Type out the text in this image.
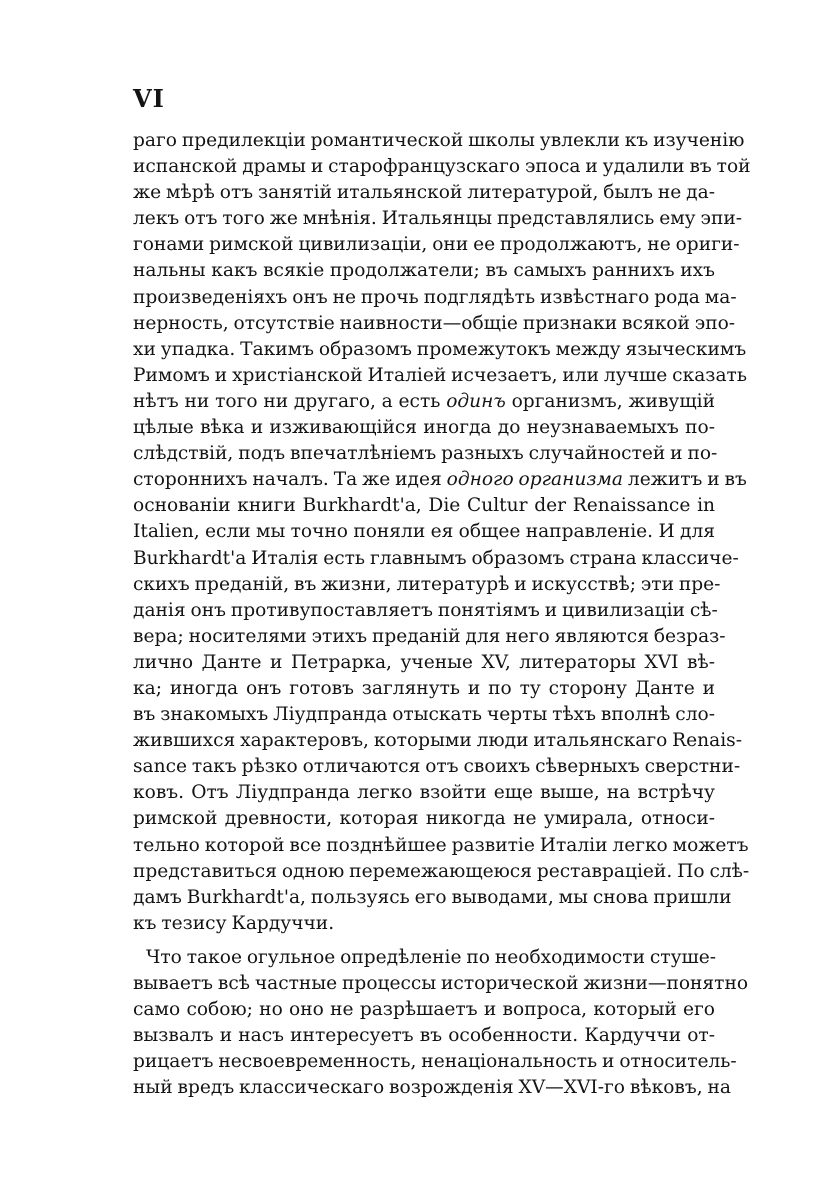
VI
раго предилекціи романтической школы увлекли къ изученію
испанской драмы и старофранцузскаго эпоса и удалили въ той
же мѣрѣ отъ занятій итальянской литературой, былъ не да-
лекъ отъ того же мнѣнія. Итальянцы представлялись ему эпи-
гонами римской цивилизаціи, они ее продолжаютъ, не ориги-
нальны какъ всякіе продолжатели; въ самыхъ раннихъ ихъ
произведеніяхъ онъ не прочь подглядѣть извѣстнаго рода ма-
нерность, отсутствіе наивности—общіе признаки всякой эпо-
хи упадка. Такимъ образомъ промежутокъ между языческимъ
Римомъ и христіанской Италіей исчезаетъ, или лучше сказать
нѣтъ ни того ни другаго, а есть одинъ организмъ, живущій
цѣлые вѣка и изживающійся иногда до неузнаваемыхъ по-
слѣдствій, подъ впечатлѣніемъ разныхъ случайностей и по-
стороннихъ началъ. Та же идея одного организма лежитъ и въ
основаніи книги Burkhardt'а, Die Cultur der Renaissance in
Italien, если мы точно поняли ея общее направленіе. И для
Burkhardt'а Италія есть главнымъ образомъ страна классиче-
скихъ преданій, въ жизни, литературѣ и искусствѣ; эти пре-
данія онъ противупоставляетъ понятіямъ и цивилизаціи сѣ-
вера; носителями этихъ преданій для него являются безраз-
лично Данте и Петрарка, ученые XV, литераторы XVI вѣ-
ка; иногда онъ готовъ заглянуть и по ту сторону Данте и
въ знакомыхъ Ліудпранда отыскать черты тѣхъ вполнѣ сло-
жившихся характеровъ, которыми люди итальянскаго Renais-
sance такъ рѣзко отличаются отъ своихъ сѣверныхъ сверстни-
ковъ. Отъ Ліудпранда легко взойти еще выше, на встрѣчу
римской древности, которая никогда не умирала, относи-
тельно которой все позднѣйшее развитіе Италіи легко можетъ
представиться одною перемежающеюся реставраціей. По слѣ-
дамъ Burkhardt'а, пользуясь его выводами, мы снова пришли
къ тезису Кардуччи.
Что такое огульное опредѣленіе по необходимости стуше-
вываетъ всѣ частные процессы исторической жизни—понятно
само собою; но оно не разрѣшаетъ и вопроса, который его
вызвалъ и насъ интересуетъ въ особенности. Кардуччи от-
рицаетъ несвоевременность, ненаціональность и относитель-
ный вредъ классическаго возрожденія XV—XVI-го вѣковъ, на
